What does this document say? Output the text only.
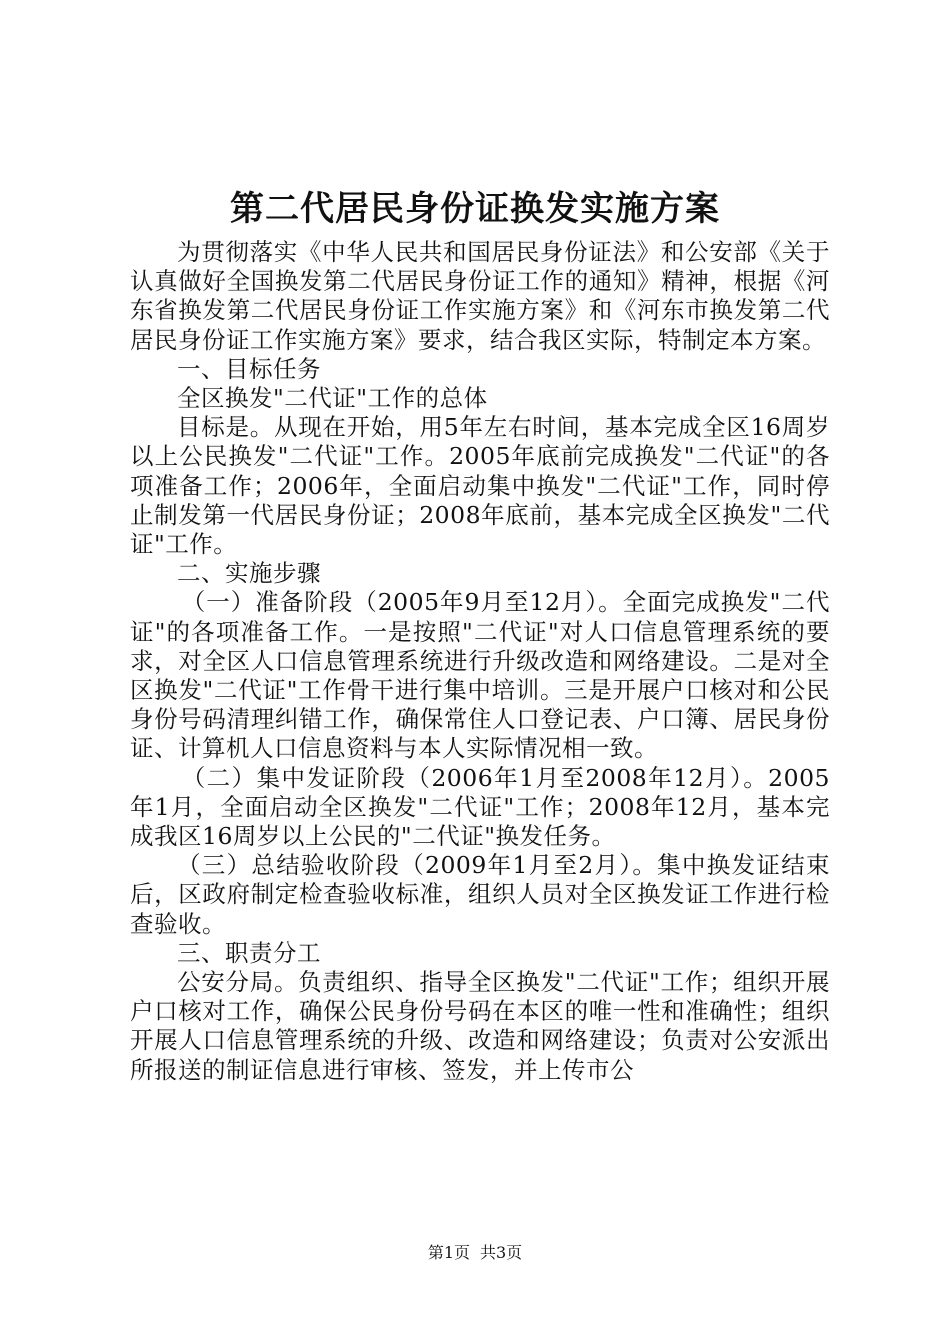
第二代居民身份证换发实施方案

为贯彻落实《中华人民共和国居民身份证法》和公安部《关于认真做好全国换发第二代居民身份证工作的通知》精神，根据《河东省换发第二代居民身份证工作实施方案》和《河东市换发第二代居民身份证工作实施方案》要求，结合我区实际，特制定本方案。

一、目标任务

全区换发"二代证"工作的总体

目标是。从现在开始，用5年左右时间，基本完成全区16周岁以上公民换发"二代证"工作。2005年底前完成换发"二代证"的各项准备工作；2006年，全面启动集中换发"二代证"工作，同时停止制发第一代居民身份证；2008年底前，基本完成全区换发"二代证"工作。

二、实施步骤

（一）准备阶段（2005年9月至12月）。全面完成换发"二代证"的各项准备工作。一是按照"二代证"对人口信息管理系统的要求，对全区人口信息管理系统进行升级改造和网络建设。二是对全区换发"二代证"工作骨干进行集中培训。三是开展户口核对和公民身份号码清理纠错工作，确保常住人口登记表、户口簿、居民身份证、计算机人口信息资料与本人实际情况相一致。

（二）集中发证阶段（2006年1月至2008年12月）。2005年1月，全面启动全区换发"二代证"工作；2008年12月，基本完成我区16周岁以上公民的"二代证"换发任务。

（三）总结验收阶段（2009年1月至2月）。集中换发证结束后，区政府制定检查验收标准，组织人员对全区换发证工作进行检查验收。

三、职责分工

公安分局。负责组织、指导全区换发"二代证"工作；组织开展户口核对工作，确保公民身份号码在本区的唯一性和准确性；组织开展人口信息管理系统的升级、改造和网络建设；负责对公安派出所报送的制证信息进行审核、签发，并上传市公

第1页 共3页
